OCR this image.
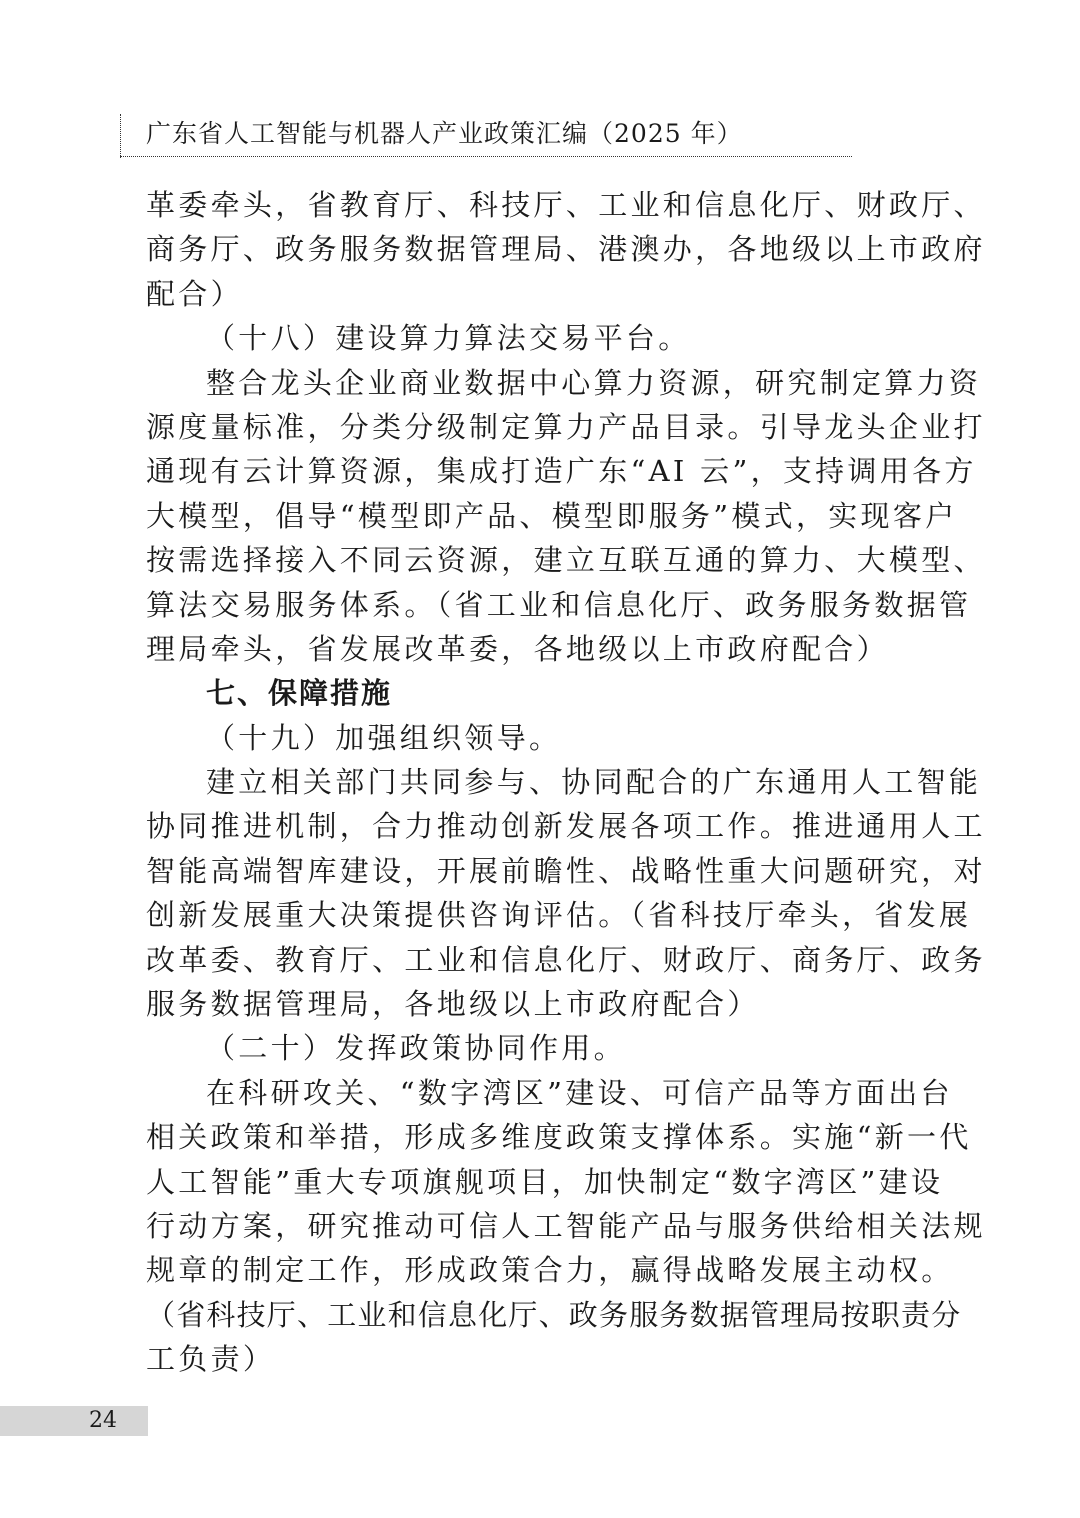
广东省人工智能与机器人产业政策汇编（2025 年）
革委牵头，省教育厅、科技厅、工业和信息化厅、财政厅、
商务厅、政务服务数据管理局、港澳办，各地级以上市政府
配合）
（十八）建设算力算法交易平台。
整合龙头企业商业数据中心算力资源，研究制定算力资
源度量标准，分类分级制定算力产品目录。引导龙头企业打
通现有云计算资源，集成打造广东“AI 云”，支持调用各方
大模型，倡导“模型即产品、模型即服务”模式，实现客户
按需选择接入不同云资源，建立互联互通的算力、大模型、
算法交易服务体系。（省工业和信息化厅、政务服务数据管
理局牵头，省发展改革委，各地级以上市政府配合）
七、保障措施
（十九）加强组织领导。
建立相关部门共同参与、协同配合的广东通用人工智能
协同推进机制，合力推动创新发展各项工作。推进通用人工
智能高端智库建设，开展前瞻性、战略性重大问题研究，对
创新发展重大决策提供咨询评估。（省科技厅牵头，省发展
改革委、教育厅、工业和信息化厅、财政厅、商务厅、政务
服务数据管理局，各地级以上市政府配合）
（二十）发挥政策协同作用。
在科研攻关、“数字湾区”建设、可信产品等方面出台
相关政策和举措，形成多维度政策支撑体系。实施“新一代
人工智能”重大专项旗舰项目，加快制定“数字湾区”建设
行动方案，研究推动可信人工智能产品与服务供给相关法规
规章的制定工作，形成政策合力，赢得战略发展主动权。
（省科技厅、工业和信息化厅、政务服务数据管理局按职责分
工负责）
24
